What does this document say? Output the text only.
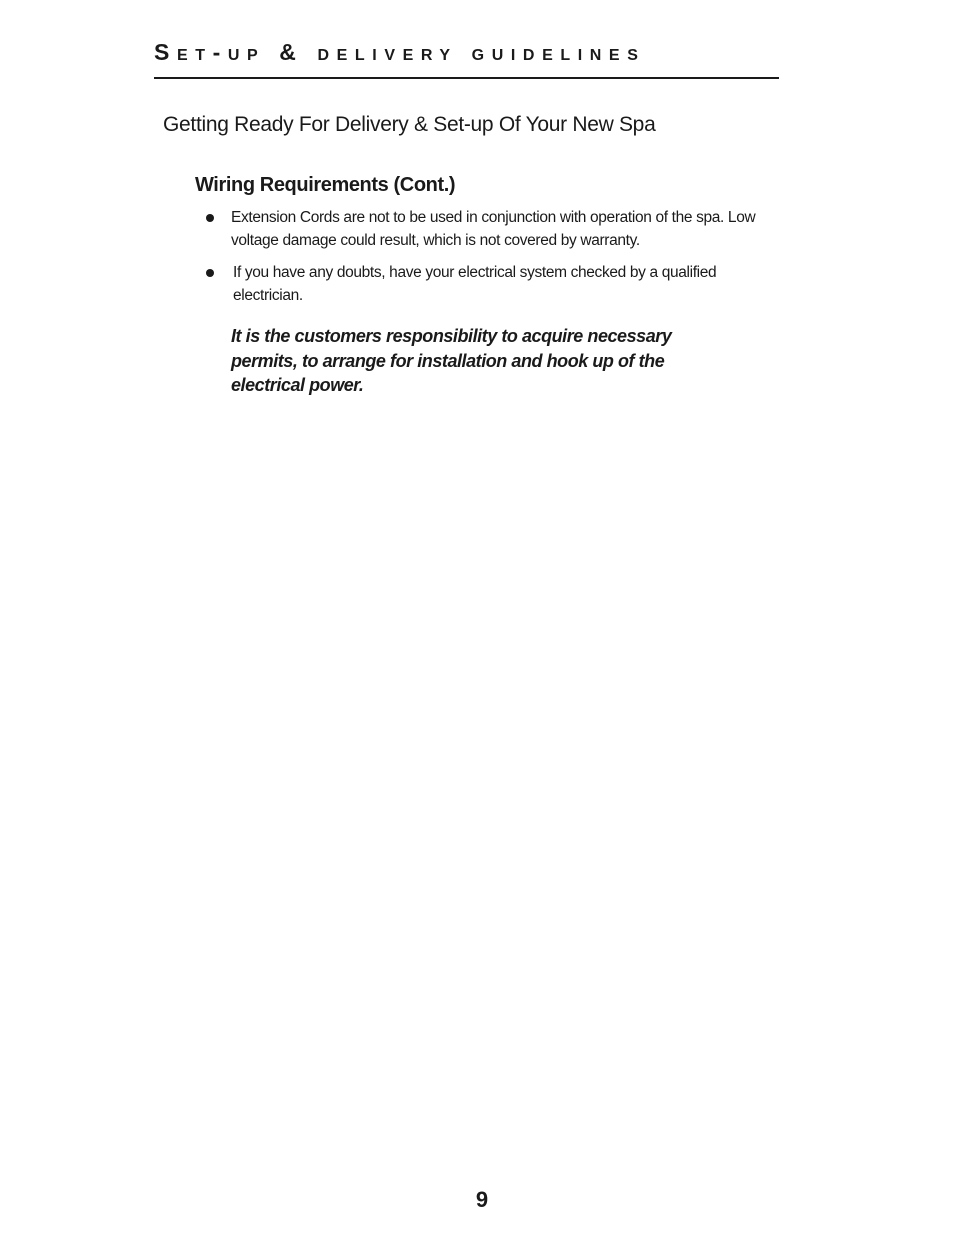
Set-up & delivery guidelines
Getting Ready For Delivery & Set-up Of Your New Spa
Wiring Requirements (Cont.)
Extension Cords are not to be used in conjunction with operation of the spa. Low voltage damage could result, which is not covered by warranty.
If you have any doubts, have your electrical system checked by a qualified electrician.

It is the customers responsibility to acquire necessary permits, to arrange for installation and hook up of the electrical power.

9
